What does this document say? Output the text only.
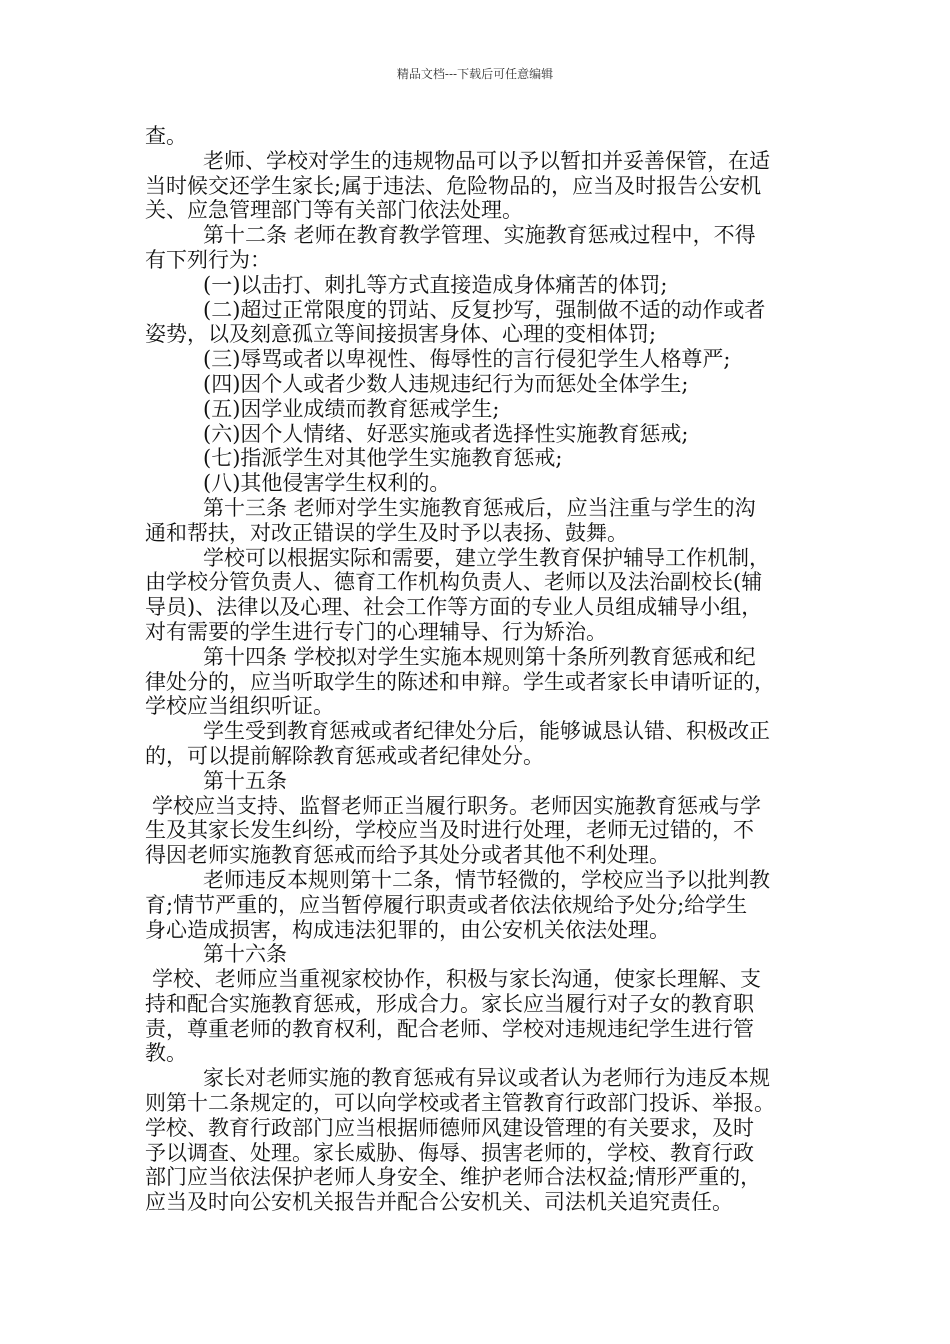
精品文档---下载后可任意编辑
查。
老师、学校对学生的违规物品可以予以暂扣并妥善保管，在适
当时候交还学生家长;属于违法、危险物品的，应当及时报告公安机
关、应急管理部门等有关部门依法处理。
第十二条 老师在教育教学管理、实施教育惩戒过程中，不得
有下列行为：
(一)以击打、刺扎等方式直接造成身体痛苦的体罚;
(二)超过正常限度的罚站、反复抄写，强制做不适的动作或者
姿势，以及刻意孤立等间接损害身体、心理的变相体罚;
(三)辱骂或者以卑视性、侮辱性的言行侵犯学生人格尊严;
(四)因个人或者少数人违规违纪行为而惩处全体学生;
(五)因学业成绩而教育惩戒学生;
(六)因个人情绪、好恶实施或者选择性实施教育惩戒;
(七)指派学生对其他学生实施教育惩戒;
(八)其他侵害学生权利的。
第十三条 老师对学生实施教育惩戒后，应当注重与学生的沟
通和帮扶，对改正错误的学生及时予以表扬、鼓舞。
学校可以根据实际和需要，建立学生教育保护辅导工作机制，
由学校分管负责人、德育工作机构负责人、老师以及法治副校长(辅
导员)、法律以及心理、社会工作等方面的专业人员组成辅导小组，
对有需要的学生进行专门的心理辅导、行为矫治。
第十四条 学校拟对学生实施本规则第十条所列教育惩戒和纪
律处分的，应当听取学生的陈述和申辩。学生或者家长申请听证的，
学校应当组织听证。
学生受到教育惩戒或者纪律处分后，能够诚恳认错、积极改正
的，可以提前解除教育惩戒或者纪律处分。
第十五条
学校应当支持、监督老师正当履行职务。老师因实施教育惩戒与学
生及其家长发生纠纷，学校应当及时进行处理，老师无过错的，不
得因老师实施教育惩戒而给予其处分或者其他不利处理。
老师违反本规则第十二条，情节轻微的，学校应当予以批判教
育;情节严重的，应当暂停履行职责或者依法依规给予处分;给学生
身心造成损害，构成违法犯罪的，由公安机关依法处理。
第十六条
学校、老师应当重视家校协作，积极与家长沟通，使家长理解、支
持和配合实施教育惩戒，形成合力。家长应当履行对子女的教育职
责，尊重老师的教育权利，配合老师、学校对违规违纪学生进行管
教。
家长对老师实施的教育惩戒有异议或者认为老师行为违反本规
则第十二条规定的，可以向学校或者主管教育行政部门投诉、举报。
学校、教育行政部门应当根据师德师风建设管理的有关要求，及时
予以调查、处理。家长威胁、侮辱、损害老师的，学校、教育行政
部门应当依法保护老师人身安全、维护老师合法权益;情形严重的，
应当及时向公安机关报告并配合公安机关、司法机关追究责任。
